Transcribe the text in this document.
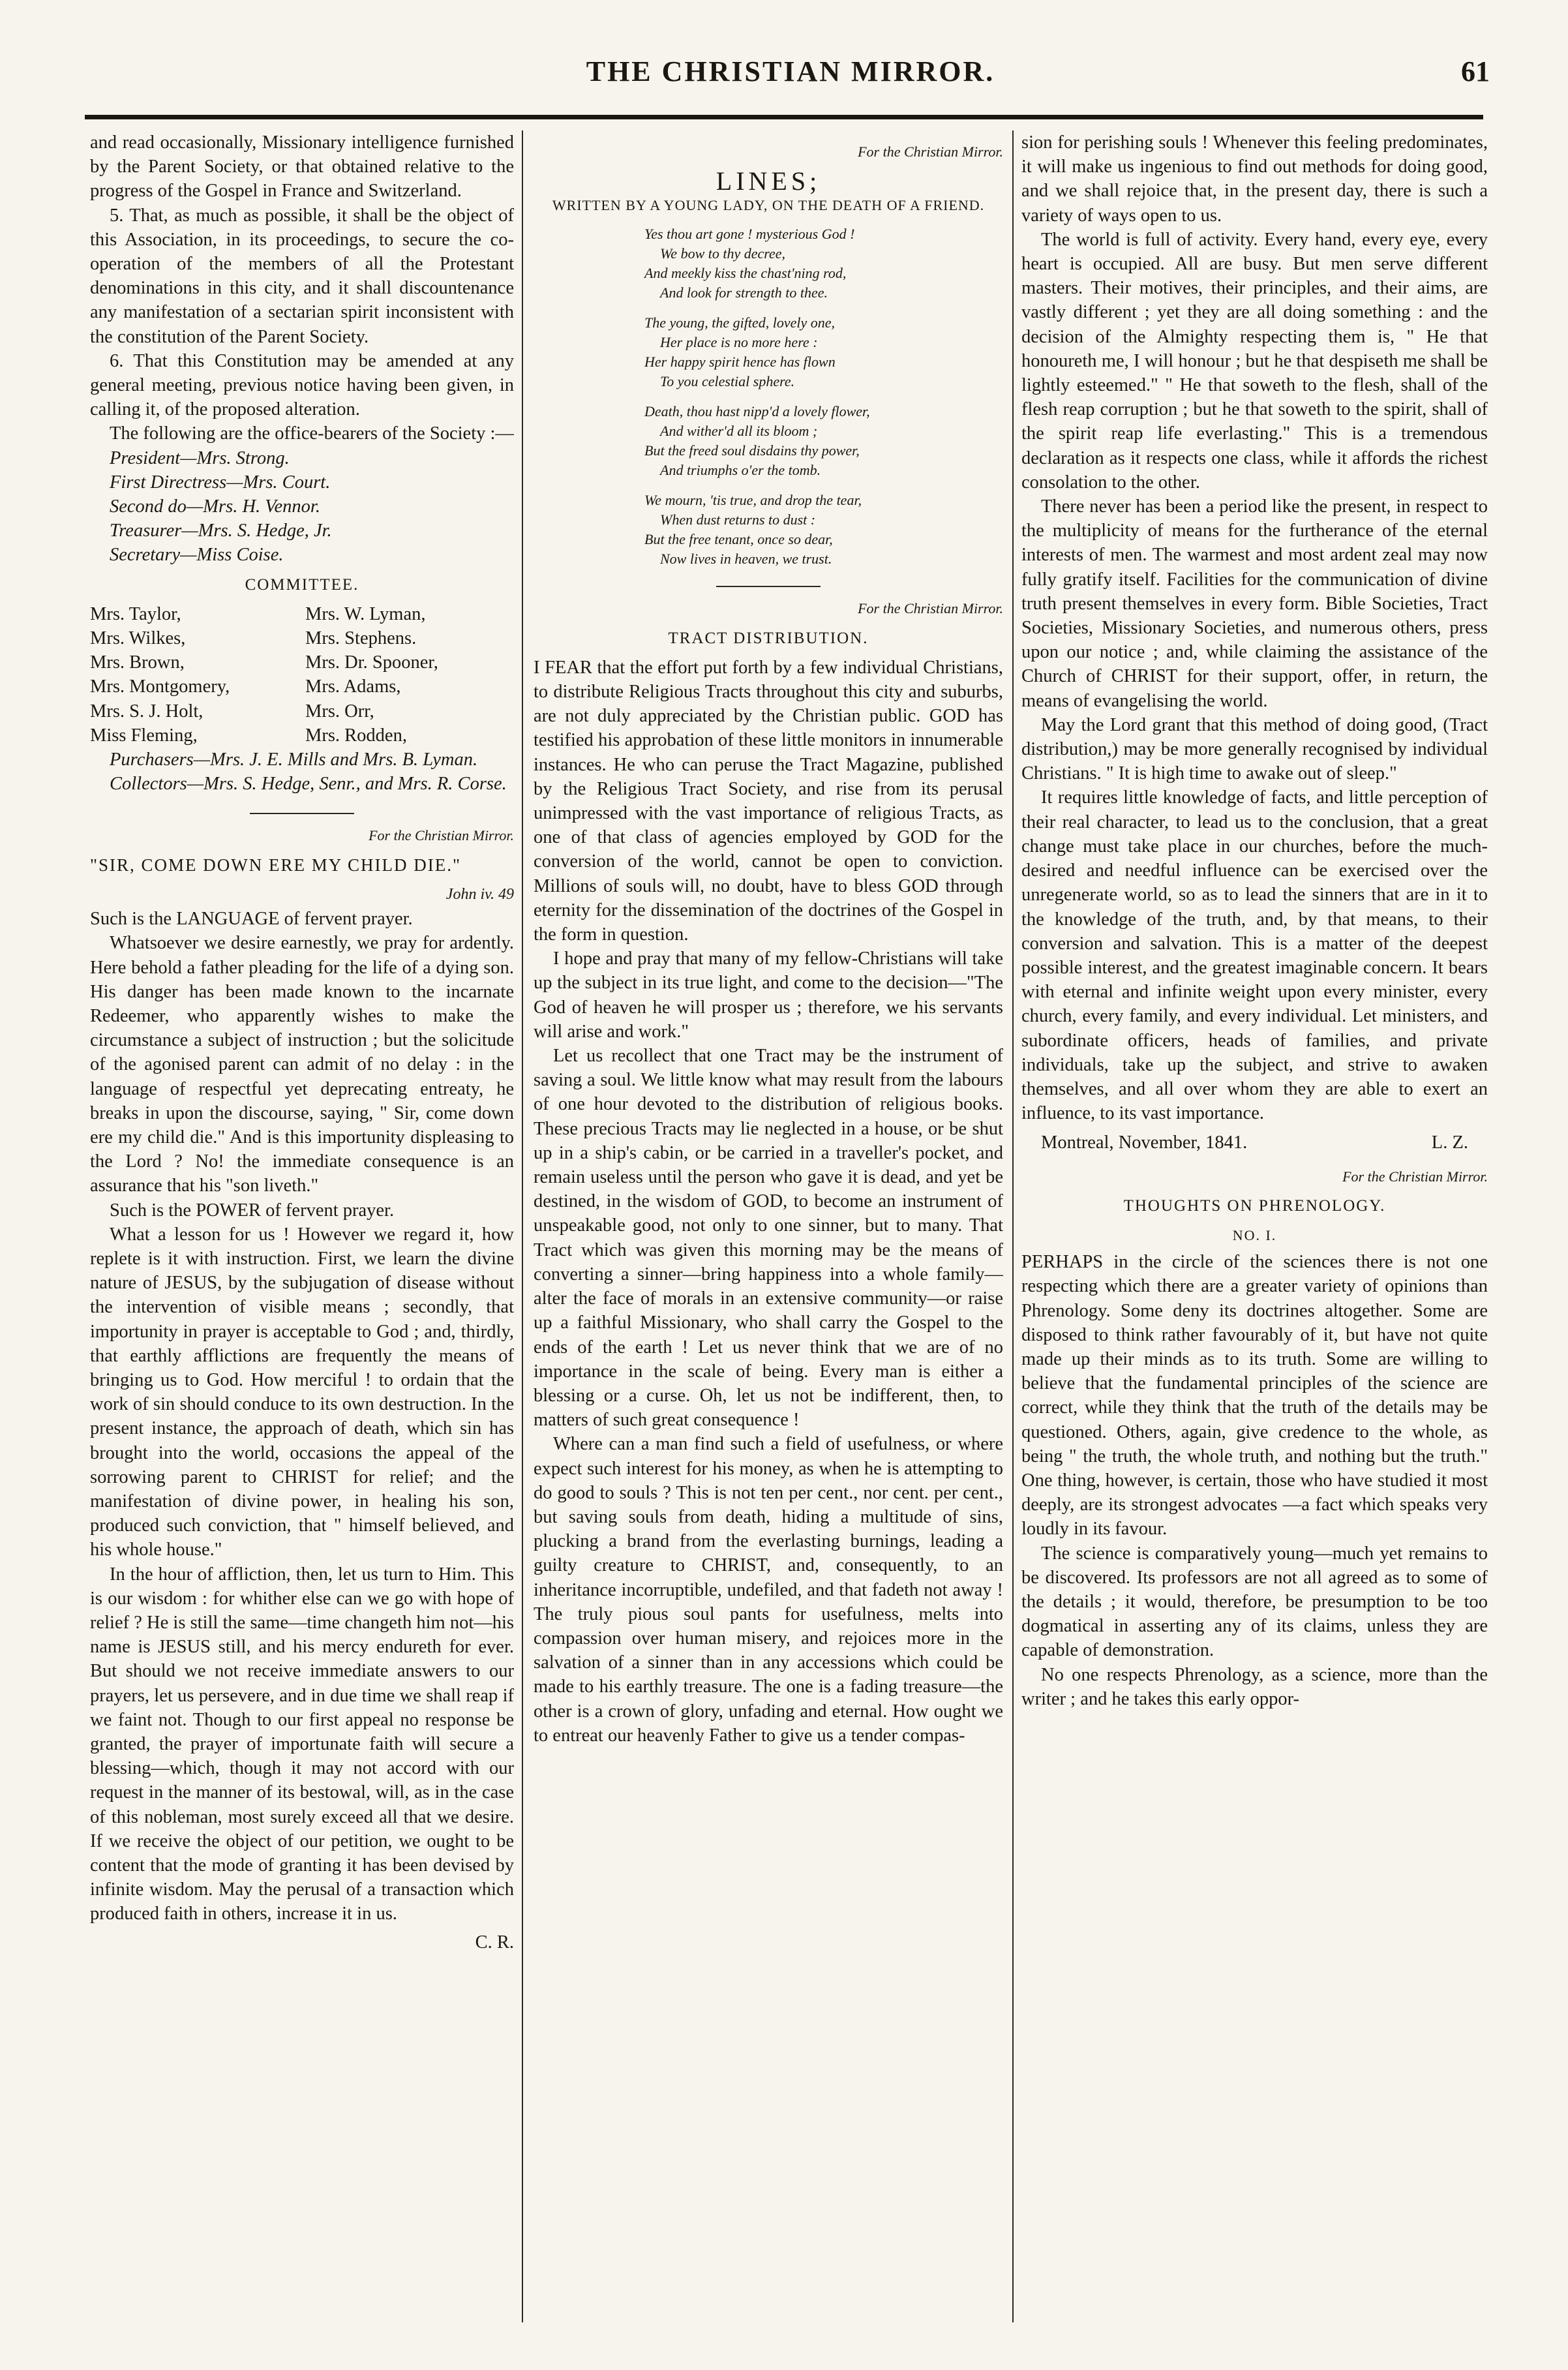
THE CHRISTIAN MIRROR.	61

and read occasionally, Missionary intelligence furnished by the Parent Society, or that obtained relative to the progress of the Gospel in France and Switzerland.

5. That, as much as possible, it shall be the object of this Association, in its proceedings, to secure the co-operation of the members of all the Protestant denominations in this city, and it shall discountenance any manifestation of a sectarian spirit inconsistent with the constitution of the Parent Society.

6. That this Constitution may be amended at any general meeting, previous notice having been given, in calling it, of the proposed alteration.

The following are the office-bearers of the Society :—

President—Mrs. Strong.

First Directress—Mrs. Court.

Second do—Mrs. H. Vennor.

Treasurer—Mrs. S. Hedge, Jr.

Secretary—Miss Coise.

COMMITTEE.

Mrs. Taylor,	Mrs. W. Lyman,
Mrs. Wilkes,	Mrs. Stephens.
Mrs. Brown,	Mrs. Dr. Spooner,
Mrs. Montgomery,	Mrs. Adams,
Mrs. S. J. Holt,	Mrs. Orr,
Miss Fleming,	Mrs. Rodden,

Purchasers—Mrs. J. E. Mills and Mrs. B. Lyman.

Collectors—Mrs. S. Hedge, Senr., and Mrs. R. Corse.

For the Christian Mirror.

"SIR, COME DOWN ERE MY CHILD DIE."

John iv. 49

Such is the LANGUAGE of fervent prayer.

Whatsoever we desire earnestly, we pray for ardently. Here behold a father pleading for the life of a dying son. His danger has been made known to the incarnate Redeemer, who apparently wishes to make the circumstance a subject of instruction ; but the solicitude of the agonised parent can admit of no delay : in the language of respectful yet deprecating entreaty, he breaks in upon the discourse, saying, " Sir, come down ere my child die." And is this importunity displeasing to the Lord ? No! the immediate consequence is an assurance that his "son liveth."

Such is the POWER of fervent prayer.

What a lesson for us ! However we regard it, how replete is it with instruction. First, we learn the divine nature of JESUS, by the subjugation of disease without the intervention of visible means ; secondly, that importunity in prayer is acceptable to God ; and, thirdly, that earthly afflictions are frequently the means of bringing us to God. How merciful ! to ordain that the work of sin should conduce to its own destruction. In the present instance, the approach of death, which sin has brought into the world, occasions the appeal of the sorrowing parent to CHRIST for relief; and the manifestation of divine power, in healing his son, produced such conviction, that " himself believed, and his whole house."

In the hour of affliction, then, let us turn to Him. This is our wisdom : for whither else can we go with hope of relief ? He is still the same—time changeth him not—his name is JESUS still, and his mercy endureth for ever. But should we not receive immediate answers to our prayers, let us persevere, and in due time we shall reap if we faint not. Though to our first appeal no response be granted, the prayer of importunate faith will secure a blessing—which, though it may not accord with our request in the manner of its bestowal, will, as in the case of this nobleman, most surely exceed all that we desire. If we receive the object of our petition, we ought to be content that the mode of granting it has been devised by infinite wisdom. May the perusal of a transaction which produced faith in others, increase it in us.

C. R.

For the Christian Mirror.

LINES;

WRITTEN BY A YOUNG LADY, ON THE DEATH OF A FRIEND.

Yes thou art gone ! mysterious God !
We bow to thy decree,
And meekly kiss the chast'ning rod,
And look for strength to thee.
The young, the gifted, lovely one,
Her place is no more here :
Her happy spirit hence has flown
To you celestial sphere.
Death, thou hast nipp'd a lovely flower,
And wither'd all its bloom ;
But the freed soul disdains thy power,
And triumphs o'er the tomb.
We mourn, 'tis true, and drop the tear,
When dust returns to dust :
But the free tenant, once so dear,
Now lives in heaven, we trust.

For the Christian Mirror.

TRACT DISTRIBUTION.

I FEAR that the effort put forth by a few individual Christians, to distribute Religious Tracts throughout this city and suburbs, are not duly appreciated by the Christian public. GOD has testified his approbation of these little monitors in innumerable instances. He who can peruse the Tract Magazine, published by the Religious Tract Society, and rise from its perusal unimpressed with the vast importance of religious Tracts, as one of that class of agencies employed by GOD for the conversion of the world, cannot be open to conviction. Millions of souls will, no doubt, have to bless GOD through eternity for the dissemination of the doctrines of the Gospel in the form in question.

I hope and pray that many of my fellow-Christians will take up the subject in its true light, and come to the decision—"The God of heaven he will prosper us ; therefore, we his servants will arise and work."

Let us recollect that one Tract may be the instrument of saving a soul. We little know what may result from the labours of one hour devoted to the distribution of religious books. These precious Tracts may lie neglected in a house, or be shut up in a ship's cabin, or be carried in a traveller's pocket, and remain useless until the person who gave it is dead, and yet be destined, in the wisdom of GOD, to become an instrument of unspeakable good, not only to one sinner, but to many. That Tract which was given this morning may be the means of converting a sinner—bring happiness into a whole family—alter the face of morals in an extensive community—or raise up a faithful Missionary, who shall carry the Gospel to the ends of the earth ! Let us never think that we are of no importance in the scale of being. Every man is either a blessing or a curse. Oh, let us not be indifferent, then, to matters of such great consequence !

Where can a man find such a field of usefulness, or where expect such interest for his money, as when he is attempting to do good to souls ? This is not ten per cent., nor cent. per cent., but saving souls from death, hiding a multitude of sins, plucking a brand from the everlasting burnings, leading a guilty creature to CHRIST, and, consequently, to an inheritance incorruptible, undefiled, and that fadeth not away ! The truly pious soul pants for usefulness, melts into compassion over human misery, and rejoices more in the salvation of a sinner than in any accessions which could be made to his earthly treasure. The one is a fading treasure—the other is a crown of glory, unfading and eternal. How ought we to entreat our heavenly Father to give us a tender compas-

sion for perishing souls ! Whenever this feeling predominates, it will make us ingenious to find out methods for doing good, and we shall rejoice that, in the present day, there is such a variety of ways open to us.

The world is full of activity. Every hand, every eye, every heart is occupied. All are busy. But men serve different masters. Their motives, their principles, and their aims, are vastly different ; yet they are all doing something : and the decision of the Almighty respecting them is, " He that honoureth me, I will honour ; but he that despiseth me shall be lightly esteemed." " He that soweth to the flesh, shall of the flesh reap corruption ; but he that soweth to the spirit, shall of the spirit reap life everlasting." This is a tremendous declaration as it respects one class, while it affords the richest consolation to the other.

There never has been a period like the present, in respect to the multiplicity of means for the furtherance of the eternal interests of men. The warmest and most ardent zeal may now fully gratify itself. Facilities for the communication of divine truth present themselves in every form. Bible Societies, Tract Societies, Missionary Societies, and numerous others, press upon our notice ; and, while claiming the assistance of the Church of CHRIST for their support, offer, in return, the means of evangelising the world.

May the Lord grant that this method of doing good, (Tract distribution,) may be more generally recognised by individual Christians. " It is high time to awake out of sleep."

It requires little knowledge of facts, and little perception of their real character, to lead us to the conclusion, that a great change must take place in our churches, before the much-desired and needful influence can be exercised over the unregenerate world, so as to lead the sinners that are in it to the knowledge of the truth, and, by that means, to their conversion and salvation. This is a matter of the deepest possible interest, and the greatest imaginable concern. It bears with eternal and infinite weight upon every minister, every church, every family, and every individual. Let ministers, and subordinate officers, heads of families, and private individuals, take up the subject, and strive to awaken themselves, and all over whom they are able to exert an influence, to its vast importance.

Montreal, November, 1841.	L. Z.

For the Christian Mirror.

THOUGHTS ON PHRENOLOGY.

NO. I.

PERHAPS in the circle of the sciences there is not one respecting which there are a greater variety of opinions than Phrenology. Some deny its doctrines altogether. Some are disposed to think rather favourably of it, but have not quite made up their minds as to its truth. Some are willing to believe that the fundamental principles of the science are correct, while they think that the truth of the details may be questioned. Others, again, give credence to the whole, as being " the truth, the whole truth, and nothing but the truth." One thing, however, is certain, those who have studied it most deeply, are its strongest advocates —a fact which speaks very loudly in its favour.

The science is comparatively young—much yet remains to be discovered. Its professors are not all agreed as to some of the details ; it would, therefore, be presumption to be too dogmatical in asserting any of its claims, unless they are capable of demonstration.

No one respects Phrenology, as a science, more than the writer ; and he takes this early oppor-
